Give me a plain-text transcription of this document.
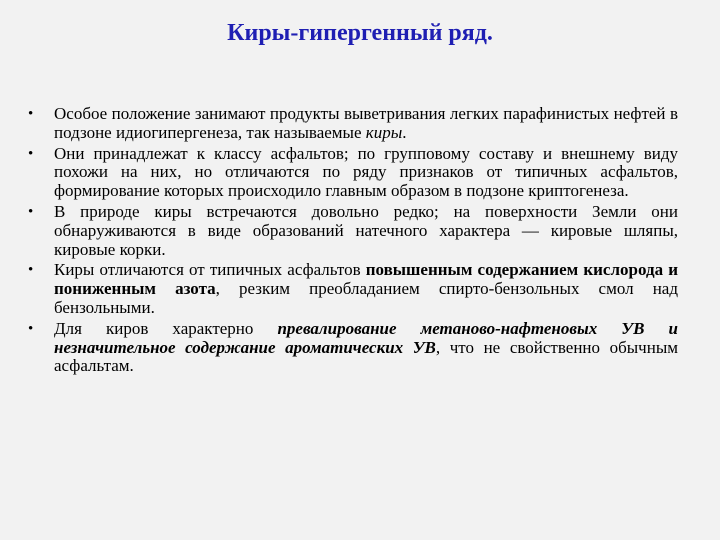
Киры-гипергенный ряд.
• Особое положение занимают продукты выветривания легких парафинистых нефтей в подзоне идиогипергенеза, так называемые киры.
• Они принадлежат к классу асфальтов; по групповому составу и внешнему виду похожи на них, но отличаются по ряду признаков от типичных асфальтов, формирование которых происходило главным образом в подзоне криптогенеза.
• В природе киры встречаются довольно редко; на поверхности Земли они обнаруживаются в виде образований натечного характера — кировые шляпы, кировые корки.
• Киры отличаются от типичных асфальтов повышенным содержанием кислорода и пониженным азота, резким преобладанием спирто-бензольных смол над бензольными.
• Для киров характерно превалирование метаново-нафтеновых УВ и незначительное содержание ароматических УВ, что не свойственно обычным асфальтам.
